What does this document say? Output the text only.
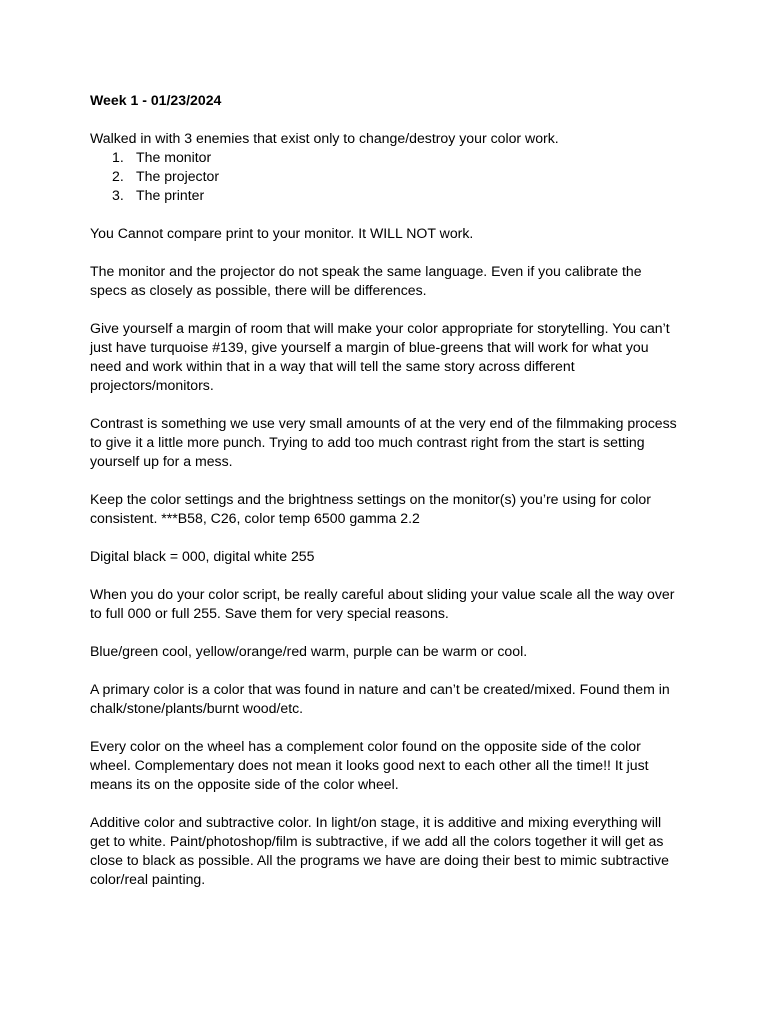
Week 1 - 01/23/2024
Walked in with 3 enemies that exist only to change/destroy your color work.
1. The monitor
2. The projector
3. The printer
You Cannot compare print to your monitor. It WILL NOT work.
The monitor and the projector do not speak the same language. Even if you calibrate the specs as closely as possible, there will be differences.
Give yourself a margin of room that will make your color appropriate for storytelling. You can’t just have turquoise #139, give yourself a margin of blue-greens that will work for what you need and work within that in a way that will tell the same story across different projectors/monitors.
Contrast is something we use very small amounts of at the very end of the filmmaking process to give it a little more punch. Trying to add too much contrast right from the start is setting yourself up for a mess.
Keep the color settings and the brightness settings on the monitor(s) you’re using for color consistent. ***B58, C26, color temp 6500 gamma 2.2
Digital black = 000, digital white 255
When you do your color script, be really careful about sliding your value scale all the way over to full 000 or full 255. Save them for very special reasons.
Blue/green cool, yellow/orange/red warm, purple can be warm or cool.
A primary color is a color that was found in nature and can’t be created/mixed. Found them in chalk/stone/plants/burnt wood/etc.
Every color on the wheel has a complement color found on the opposite side of the color wheel. Complementary does not mean it looks good next to each other all the time!! It just means its on the opposite side of the color wheel.
Additive color and subtractive color. In light/on stage, it is additive and mixing everything will get to white. Paint/photoshop/film is subtractive, if we add all the colors together it will get as close to black as possible. All the programs we have are doing their best to mimic subtractive color/real painting.
